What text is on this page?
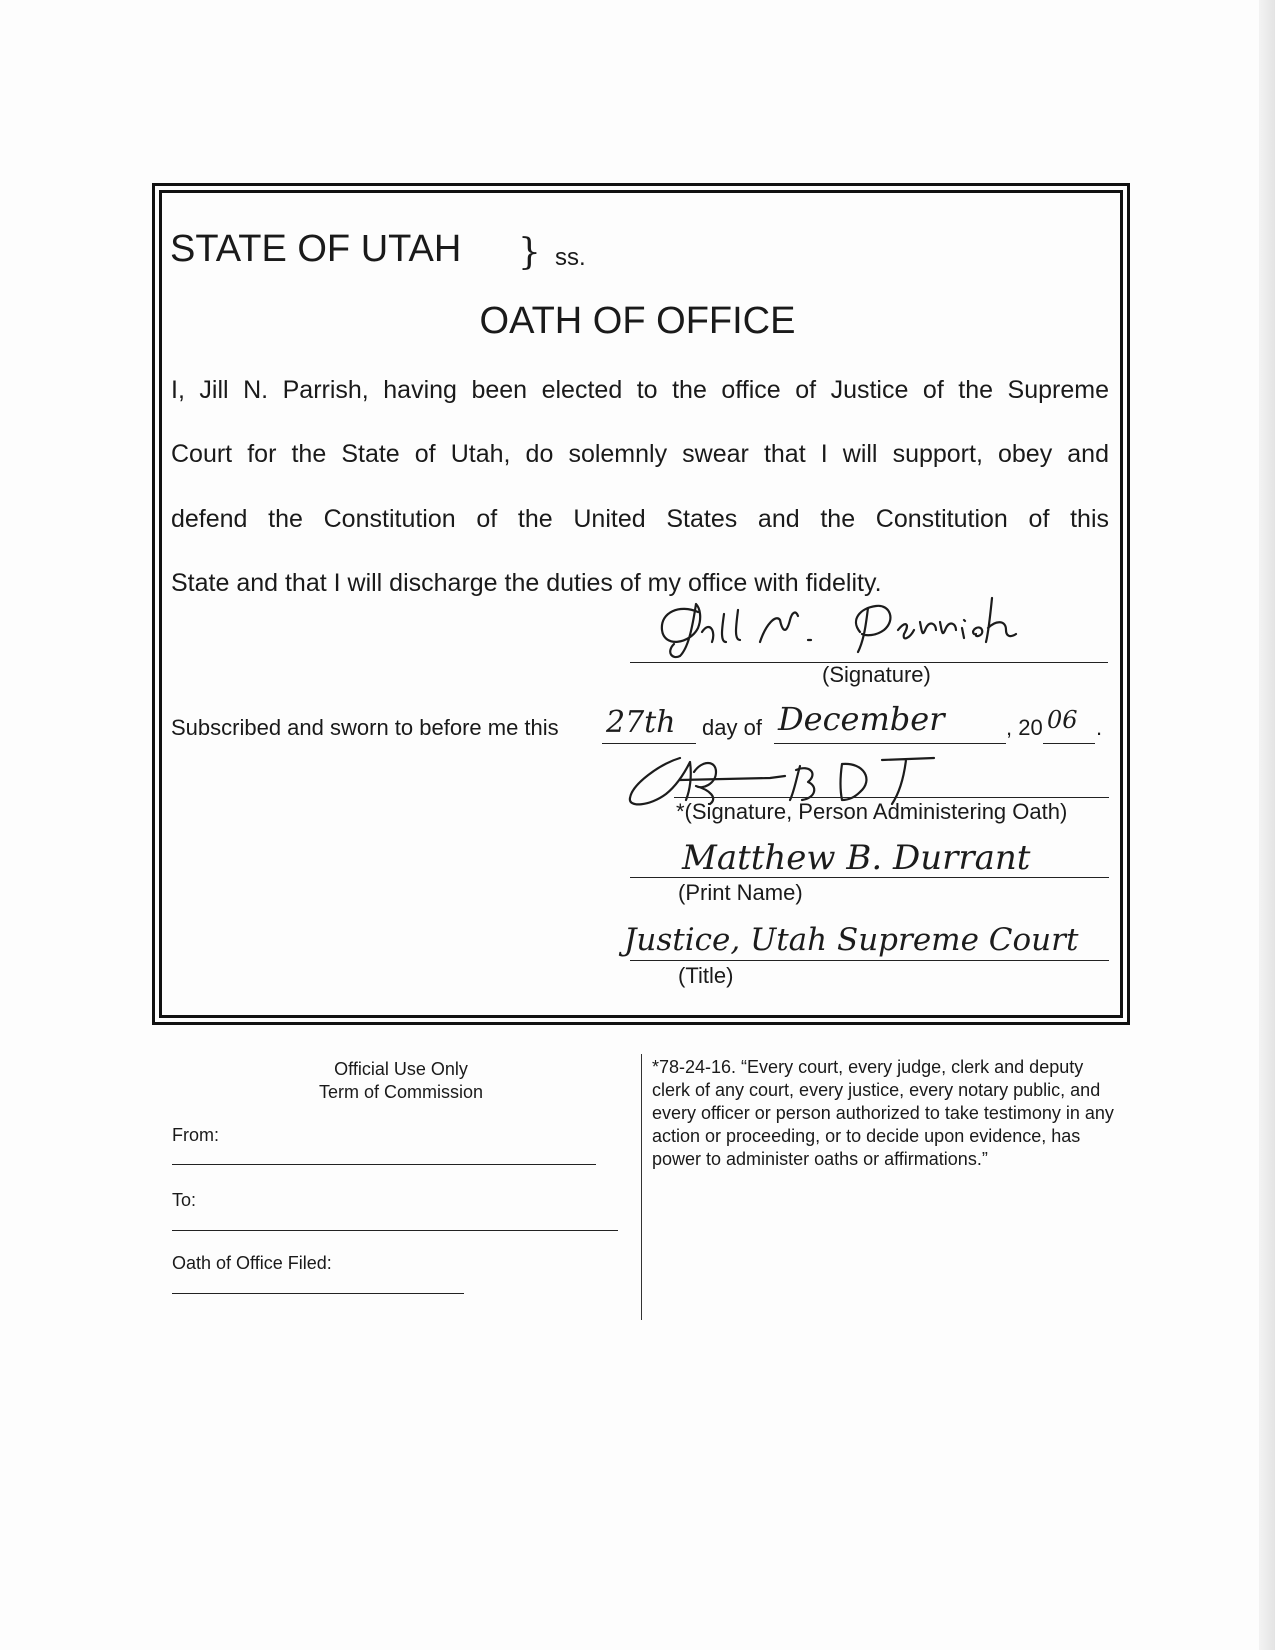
STATE OF UTAH } ss.
OATH OF OFFICE
I, Jill N. Parrish, having been elected to the office of Justice of the Supreme
Court for the State of Utah, do solemnly swear that I will support, obey and
defend the Constitution of the United States and the Constitution of this
State and that I will discharge the duties of my office with fidelity.
(Signature)
Subscribed and sworn to before me this 27th day of December	, 20 06 .
*(Signature, Person Administering Oath)
Matthew B. Durrant
(Print Name)
Justice, Utah Supreme Court
(Title)
Official Use Only
Term of Commission
From:
To:
Oath of Office Filed:
*78-24-16. “Every court, every judge, clerk and deputy clerk of any court, every justice, every notary public, and every officer or person authorized to take testimony in any action or proceeding, or to decide upon evidence, has power to administer oaths or affirmations.”
